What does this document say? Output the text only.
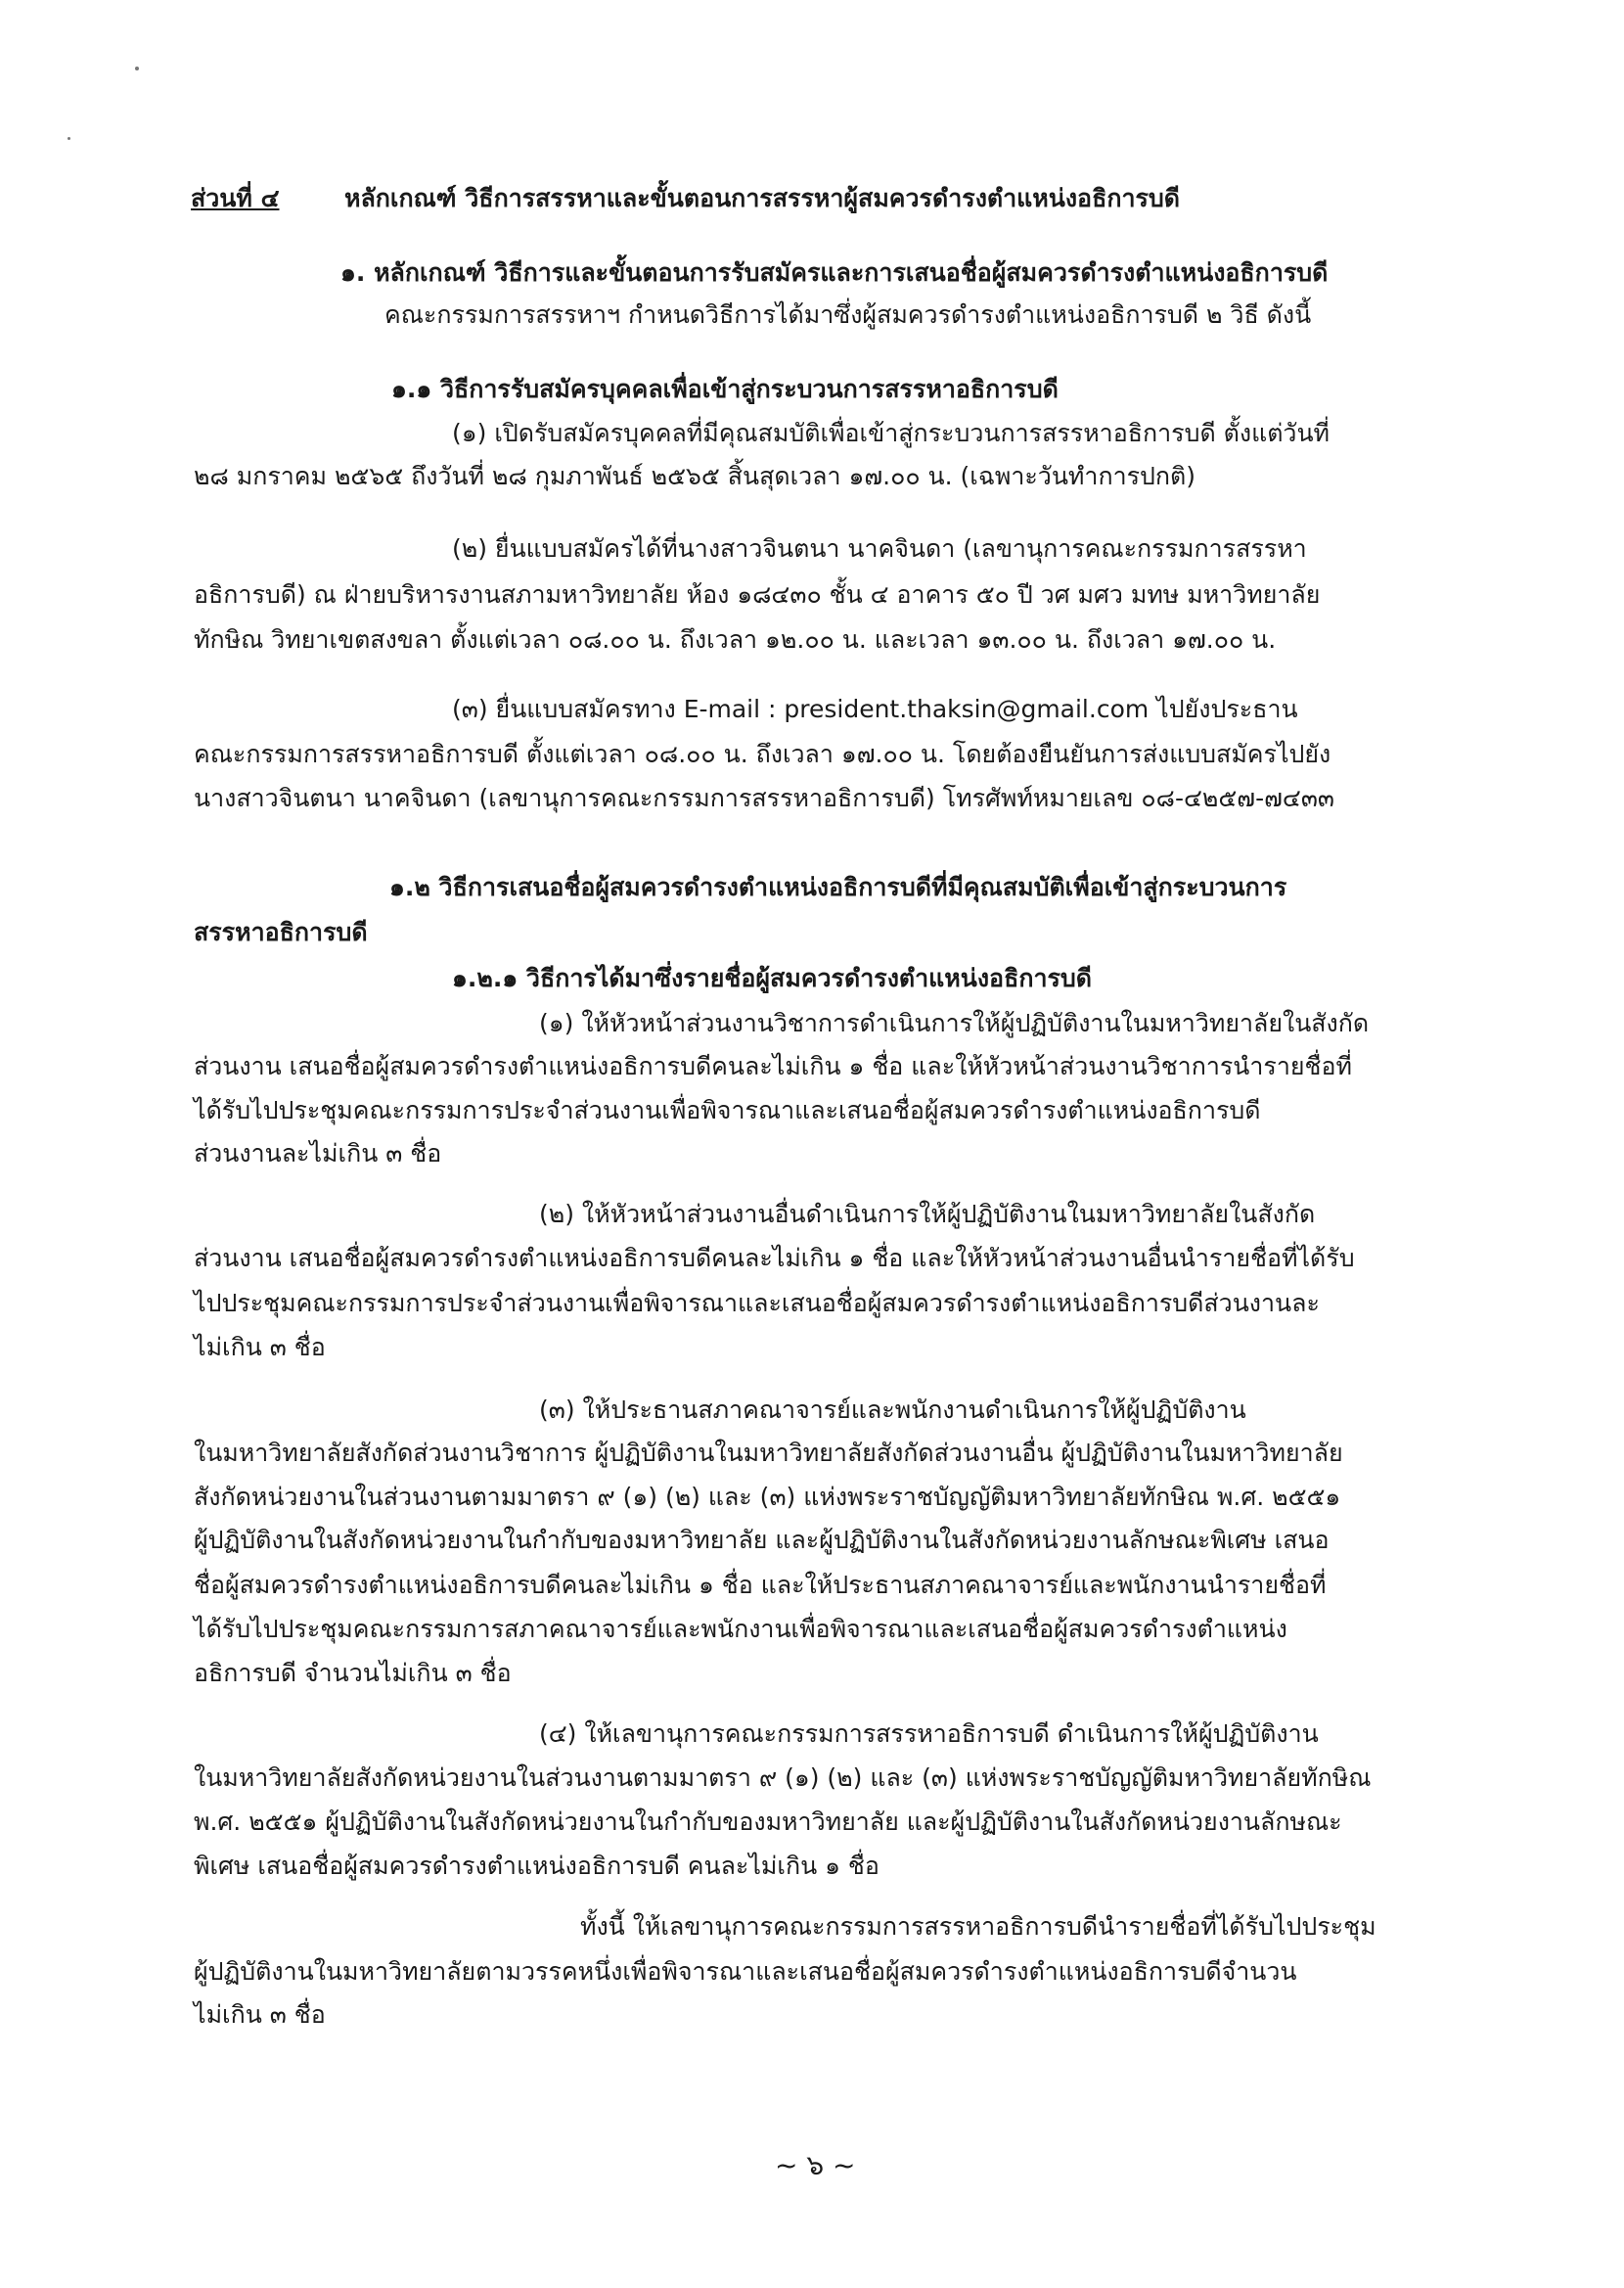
ส่วนที่ ๔	หลักเกณฑ์ วิธีการสรรหาและขั้นตอนการสรรหาผู้สมควรดำรงตำแหน่งอธิการบดี
๑. หลักเกณฑ์ วิธีการและขั้นตอนการรับสมัครและการเสนอชื่อผู้สมควรดำรงตำแหน่งอธิการบดี
คณะกรรมการสรรหาฯ กำหนดวิธีการได้มาซึ่งผู้สมควรดำรงตำแหน่งอธิการบดี ๒ วิธี ดังนี้
๑.๑ วิธีการรับสมัครบุคคลเพื่อเข้าสู่กระบวนการสรรหาอธิการบดี
(๑) เปิดรับสมัครบุคคลที่มีคุณสมบัติเพื่อเข้าสู่กระบวนการสรรหาอธิการบดี ตั้งแต่วันที่
๒๘ มกราคม ๒๕๖๕ ถึงวันที่ ๒๘ กุมภาพันธ์ ๒๕๖๕ สิ้นสุดเวลา ๑๗.๐๐ น. (เฉพาะวันทำการปกติ)
(๒) ยื่นแบบสมัครได้ที่นางสาวจินตนา นาคจินดา (เลขานุการคณะกรรมการสรรหา
อธิการบดี) ณ ฝ่ายบริหารงานสภามหาวิทยาลัย ห้อง ๑๘๔๓๐ ชั้น ๔ อาคาร ๕๐ ปี วศ มศว มทษ มหาวิทยาลัย
ทักษิณ วิทยาเขตสงขลา ตั้งแต่เวลา ๐๘.๐๐ น. ถึงเวลา ๑๒.๐๐ น. และเวลา ๑๓.๐๐ น. ถึงเวลา ๑๗.๐๐ น.
(๓) ยื่นแบบสมัครทาง E-mail : president.thaksin@gmail.com ไปยังประธาน
คณะกรรมการสรรหาอธิการบดี ตั้งแต่เวลา ๐๘.๐๐ น. ถึงเวลา ๑๗.๐๐ น. โดยต้องยืนยันการส่งแบบสมัครไปยัง
นางสาวจินตนา นาคจินดา (เลขานุการคณะกรรมการสรรหาอธิการบดี) โทรศัพท์หมายเลข ๐๘-๔๒๕๗-๗๔๓๓
๑.๒ วิธีการเสนอชื่อผู้สมควรดำรงตำแหน่งอธิการบดีที่มีคุณสมบัติเพื่อเข้าสู่กระบวนการ
สรรหาอธิการบดี
๑.๒.๑ วิธีการได้มาซึ่งรายชื่อผู้สมควรดำรงตำแหน่งอธิการบดี
(๑) ให้หัวหน้าส่วนงานวิชาการดำเนินการให้ผู้ปฏิบัติงานในมหาวิทยาลัยในสังกัด
ส่วนงาน เสนอชื่อผู้สมควรดำรงตำแหน่งอธิการบดีคนละไม่เกิน ๑ ชื่อ และให้หัวหน้าส่วนงานวิชาการนำรายชื่อที่
ได้รับไปประชุมคณะกรรมการประจำส่วนงานเพื่อพิจารณาและเสนอชื่อผู้สมควรดำรงตำแหน่งอธิการบดี
ส่วนงานละไม่เกิน ๓ ชื่อ
(๒) ให้หัวหน้าส่วนงานอื่นดำเนินการให้ผู้ปฏิบัติงานในมหาวิทยาลัยในสังกัด
ส่วนงาน เสนอชื่อผู้สมควรดำรงตำแหน่งอธิการบดีคนละไม่เกิน ๑ ชื่อ และให้หัวหน้าส่วนงานอื่นนำรายชื่อที่ได้รับ
ไปประชุมคณะกรรมการประจำส่วนงานเพื่อพิจารณาและเสนอชื่อผู้สมควรดำรงตำแหน่งอธิการบดีส่วนงานละ
ไม่เกิน ๓ ชื่อ
(๓) ให้ประธานสภาคณาจารย์และพนักงานดำเนินการให้ผู้ปฏิบัติงาน
ในมหาวิทยาลัยสังกัดส่วนงานวิชาการ ผู้ปฏิบัติงานในมหาวิทยาลัยสังกัดส่วนงานอื่น ผู้ปฏิบัติงานในมหาวิทยาลัย
สังกัดหน่วยงานในส่วนงานตามมาตรา ๙ (๑) (๒) และ (๓) แห่งพระราชบัญญัติมหาวิทยาลัยทักษิณ พ.ศ. ๒๕๕๑
ผู้ปฏิบัติงานในสังกัดหน่วยงานในกำกับของมหาวิทยาลัย และผู้ปฏิบัติงานในสังกัดหน่วยงานลักษณะพิเศษ เสนอ
ชื่อผู้สมควรดำรงตำแหน่งอธิการบดีคนละไม่เกิน ๑ ชื่อ และให้ประธานสภาคณาจารย์และพนักงานนำรายชื่อที่
ได้รับไปประชุมคณะกรรมการสภาคณาจารย์และพนักงานเพื่อพิจารณาและเสนอชื่อผู้สมควรดำรงตำแหน่ง
อธิการบดี จำนวนไม่เกิน ๓ ชื่อ
(๔) ให้เลขานุการคณะกรรมการสรรหาอธิการบดี ดำเนินการให้ผู้ปฏิบัติงาน
ในมหาวิทยาลัยสังกัดหน่วยงานในส่วนงานตามมาตรา ๙ (๑) (๒) และ (๓) แห่งพระราชบัญญัติมหาวิทยาลัยทักษิณ
พ.ศ. ๒๕๕๑ ผู้ปฏิบัติงานในสังกัดหน่วยงานในกำกับของมหาวิทยาลัย และผู้ปฏิบัติงานในสังกัดหน่วยงานลักษณะ
พิเศษ เสนอชื่อผู้สมควรดำรงตำแหน่งอธิการบดี คนละไม่เกิน ๑ ชื่อ
ทั้งนี้ ให้เลขานุการคณะกรรมการสรรหาอธิการบดีนำรายชื่อที่ได้รับไปประชุม
ผู้ปฏิบัติงานในมหาวิทยาลัยตามวรรคหนึ่งเพื่อพิจารณาและเสนอชื่อผู้สมควรดำรงตำแหน่งอธิการบดีจำนวน
ไม่เกิน ๓ ชื่อ
~ ๖ ~
